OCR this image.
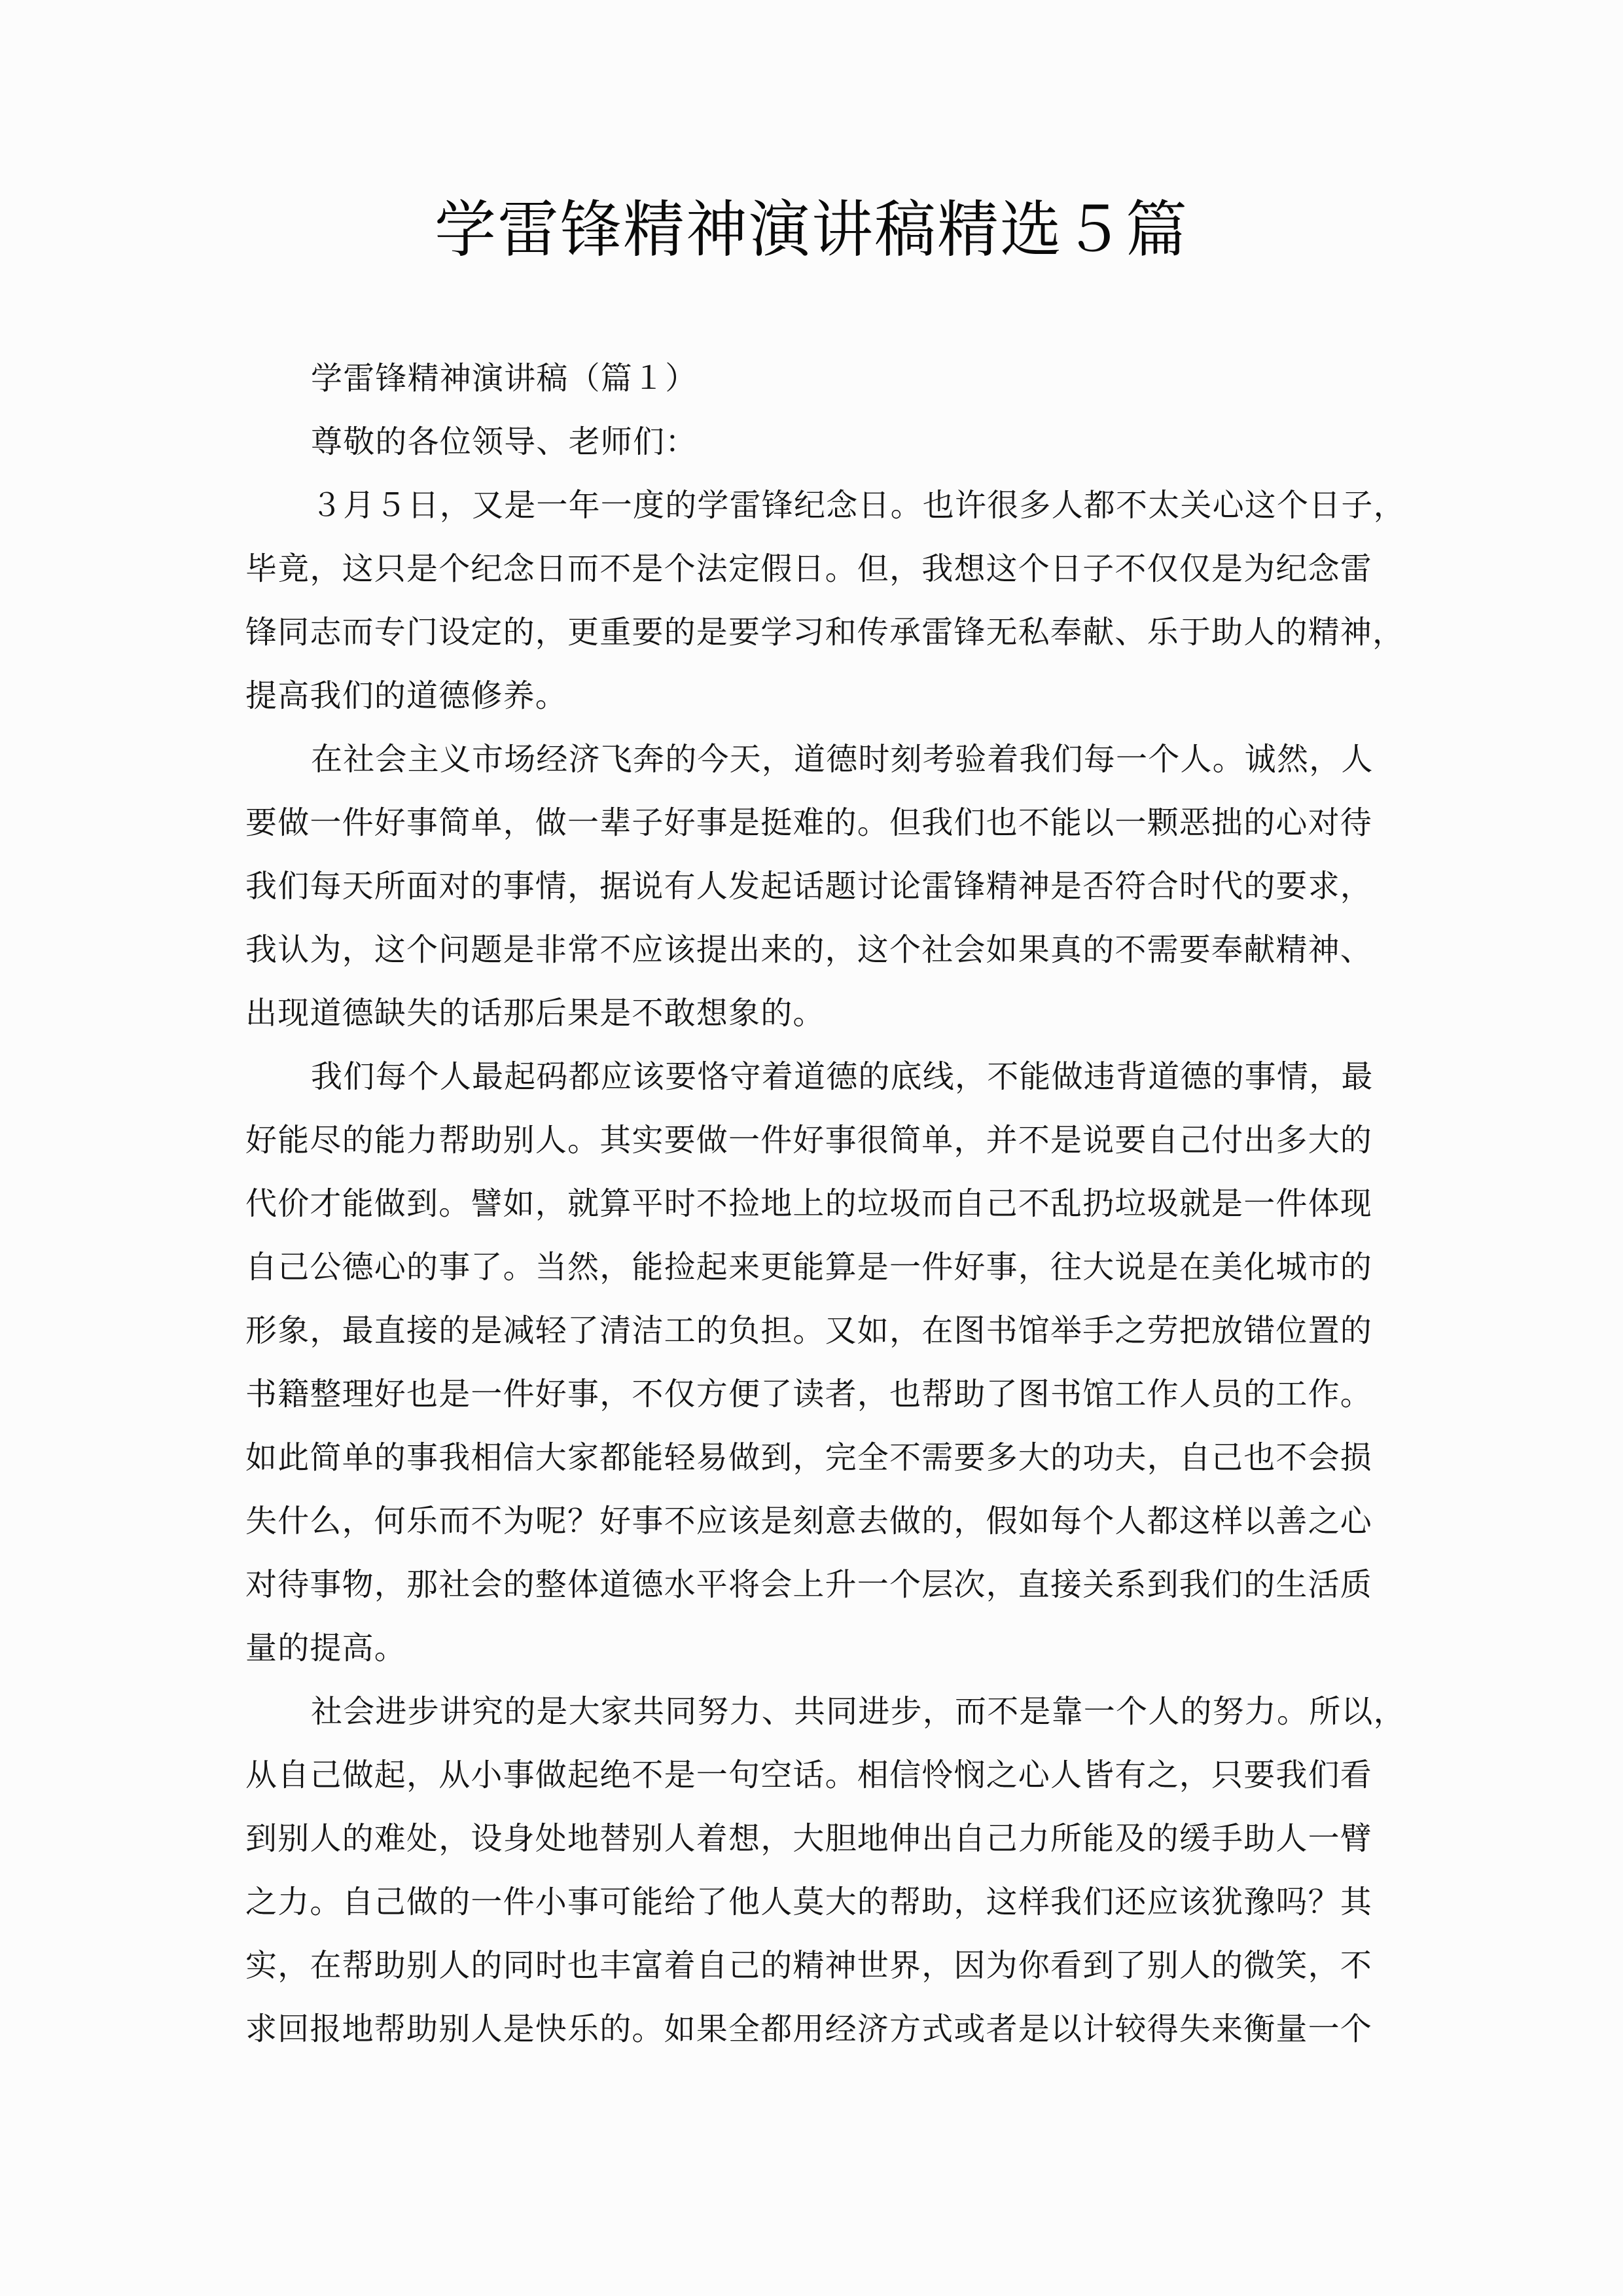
学雷锋精神演讲稿精选５篇
学雷锋精神演讲稿（篇１）
尊敬的各位领导、老师们：
３月５日，又是一年一度的学雷锋纪念日。也许很多人都不太关心这个日子，
毕竟，这只是个纪念日而不是个法定假日。但，我想这个日子不仅仅是为纪念雷
锋同志而专门设定的，更重要的是要学习和传承雷锋无私奉献、乐于助人的精神，
提高我们的道德修养。
在社会主义市场经济飞奔的今天，道德时刻考验着我们每一个人。诚然，人
要做一件好事简单，做一辈子好事是挺难的。但我们也不能以一颗恶拙的心对待
我们每天所面对的事情，据说有人发起话题讨论雷锋精神是否符合时代的要求，
我认为，这个问题是非常不应该提出来的，这个社会如果真的不需要奉献精神、
出现道德缺失的话那后果是不敢想象的。
我们每个人最起码都应该要恪守着道德的底线，不能做违背道德的事情，最
好能尽的能力帮助别人。其实要做一件好事很简单，并不是说要自己付出多大的
代价才能做到。譬如，就算平时不捡地上的垃圾而自己不乱扔垃圾就是一件体现
自己公德心的事了。当然，能捡起来更能算是一件好事，往大说是在美化城市的
形象，最直接的是减轻了清洁工的负担。又如，在图书馆举手之劳把放错位置的
书籍整理好也是一件好事，不仅方便了读者，也帮助了图书馆工作人员的工作。
如此简单的事我相信大家都能轻易做到，完全不需要多大的功夫，自己也不会损
失什么，何乐而不为呢？好事不应该是刻意去做的，假如每个人都这样以善之心
对待事物，那社会的整体道德水平将会上升一个层次，直接关系到我们的生活质
量的提高。
社会进步讲究的是大家共同努力、共同进步，而不是靠一个人的努力。所以，
从自己做起，从小事做起绝不是一句空话。相信怜悯之心人皆有之，只要我们看
到别人的难处，设身处地替别人着想，大胆地伸出自己力所能及的缓手助人一臂
之力。自己做的一件小事可能给了他人莫大的帮助，这样我们还应该犹豫吗？其
实，在帮助别人的同时也丰富着自己的精神世界，因为你看到了别人的微笑，不
求回报地帮助别人是快乐的。如果全都用经济方式或者是以计较得失来衡量一个
